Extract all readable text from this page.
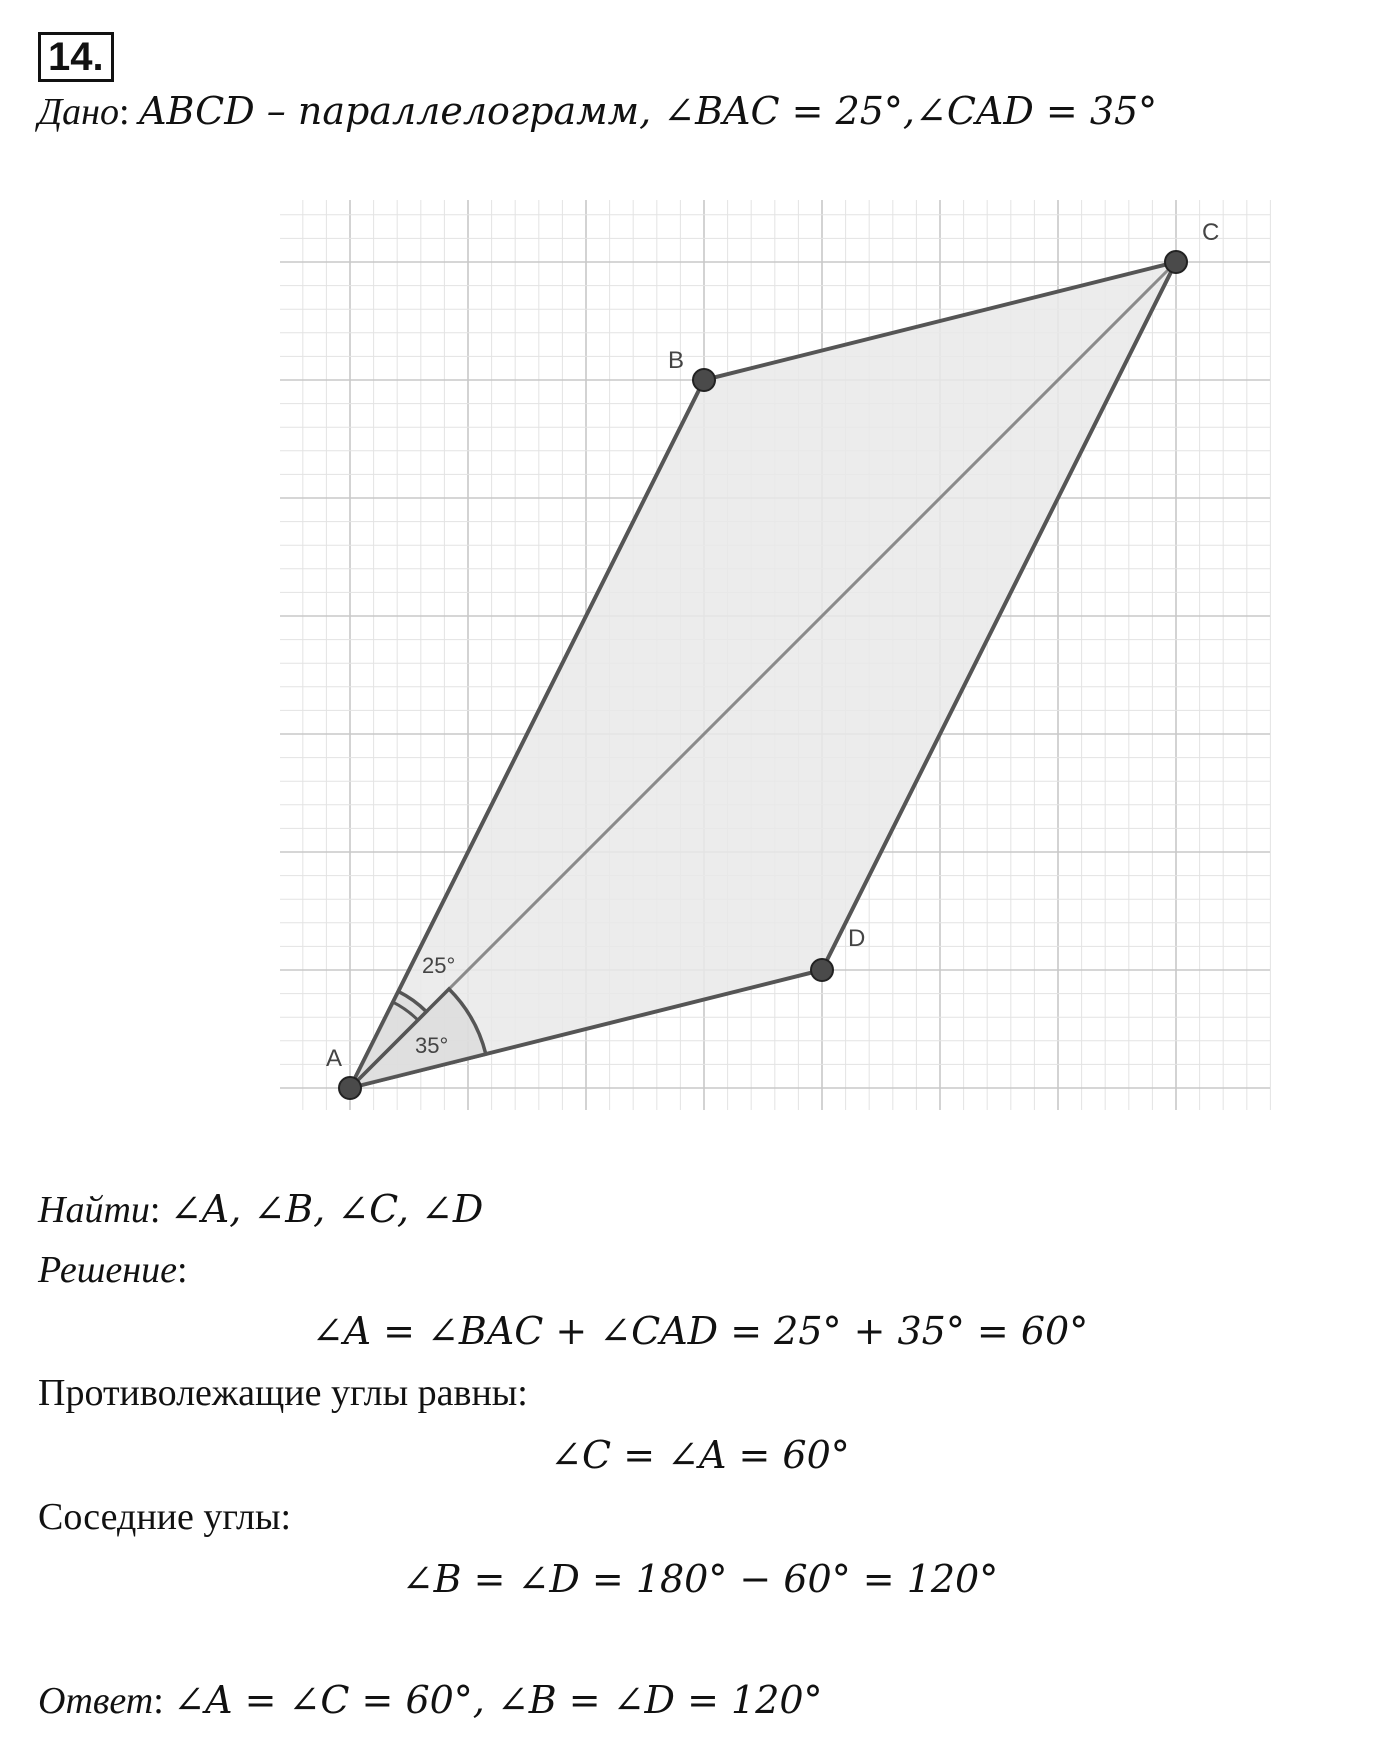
14.
Дано: ABCD – параллелограмм, ∠BAC = 25°,∠CAD = 35°
25°
35°
A
B
C
D
Найти: ∠A, ∠B, ∠C, ∠D
Решение:
∠A = ∠BAC + ∠CAD = 25° + 35° = 60°
Противолежащие углы равны:
∠C = ∠A = 60°
Соседние углы:
∠B = ∠D = 180° − 60° = 120°
Ответ: ∠A = ∠C = 60°, ∠B = ∠D = 120°
